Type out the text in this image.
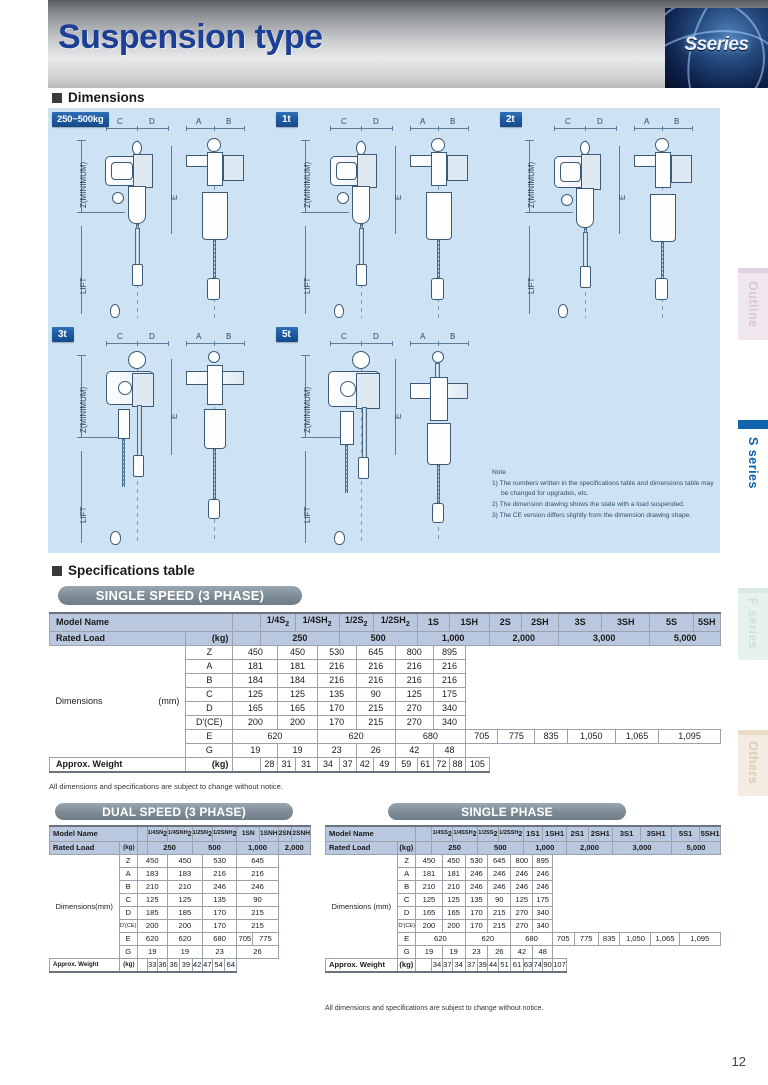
Suspension type	Sseries
Dimensions
250~500kg	C	D
Z(MINIMUM)
LIFT
E
A	B	1t	C	D
Z(MINIMUM)
LIFT
E
A	B	2t	C	D
Z(MINIMUM)
LIFT
E
A	B
3t	C	D
Z(MINIMUM)
LIFT
E
A	B	5t	C	D
Z(MINIMUM)
LIFT
E
A	B
Note
1) The numbers written in the specifications table and dimensions table may be changed for upgrades, etc.
2) The dimension drawing shows the state with a load suspended.
3) The CE version differs slightly from the dimension drawing shape.
Outline
S series
F series
Others
Specifications table
SINGLE SPEED (3 PHASE)
Model Name			$1/4S_2$		$1/4SH_2$		$1/2S_2$		$1/2SH_2$		1S		1SH		2S		2SH		3S		3SH		5S		5SH
Rated Load	(kg)		250				500				1,000				2,000				3,000				5,000		

Dimensions (mm)	Z	450		450		530		645		800		895													
	A	181		181		216		216		216		216													
	B	184		184		216		216		216		216													
	C	125		125		135		90		125		175													
	D	165		165		170		215		270		340													
	D'(CE)	200		200		170		215		270		340													
	E	620				620				680				705		775		835		1,050		1,065		1,095	
	G	19		19		23		26		42		48													
Approx. Weight	(kg)		28	31	31	34	37	42	49	59	61	72	88	105											
All dimensions and specifications are subject to change without notice.
DUAL SPEED (3 PHASE)
Model Name			1/4SN2		1/4SNH2		1/2SN2		1/2SNH2		1SN		1SNH	2SN	2SNH
Rated Load	(kg)		250				500				1,000			2,000	

Dimensions (mm)	Z	450			450			530			645				
	A	183			183			216			216				
	B	210			210			246			246				
	C	125			125			135			90				
	D	185			185			170			215				
	D'(CE)	200			200			170			215				
	E	620			620			680			705	775			
	G	19			19			23			26				
Approx. Weight	(kg)		33	36	36	39	42	47	54	64					
SINGLE PHASE
Model Name			1/4SS2		1/4SSH2		1/2SS2		1/2SSH2		1S1		1SH1		2S1		2SH1		3S1		3SH1		5S1		5SH1
Rated Load	(kg)		250				500				1,000				2,000				3,000				5,000		

Dimensions (mm)	Z	450		450		530		645		800		895													
	A	181		181		246		246		246		246													
	B	210		210		246		246		246		246													
	C	125		125		135		90		125		175													
	D	165		165		170		215		270		340													
	D'(CE)	200		200		170		215		270		340													
	E	620				620				680				705		775		835		1,050		1,065		1,095	
	G	19		19		23		26		42		48													
Approx. Weight	(kg)		34	37	34	37	39	44	51	61	63	74	90	107											
All dimensions and specifications are subject to change without notice.
12
